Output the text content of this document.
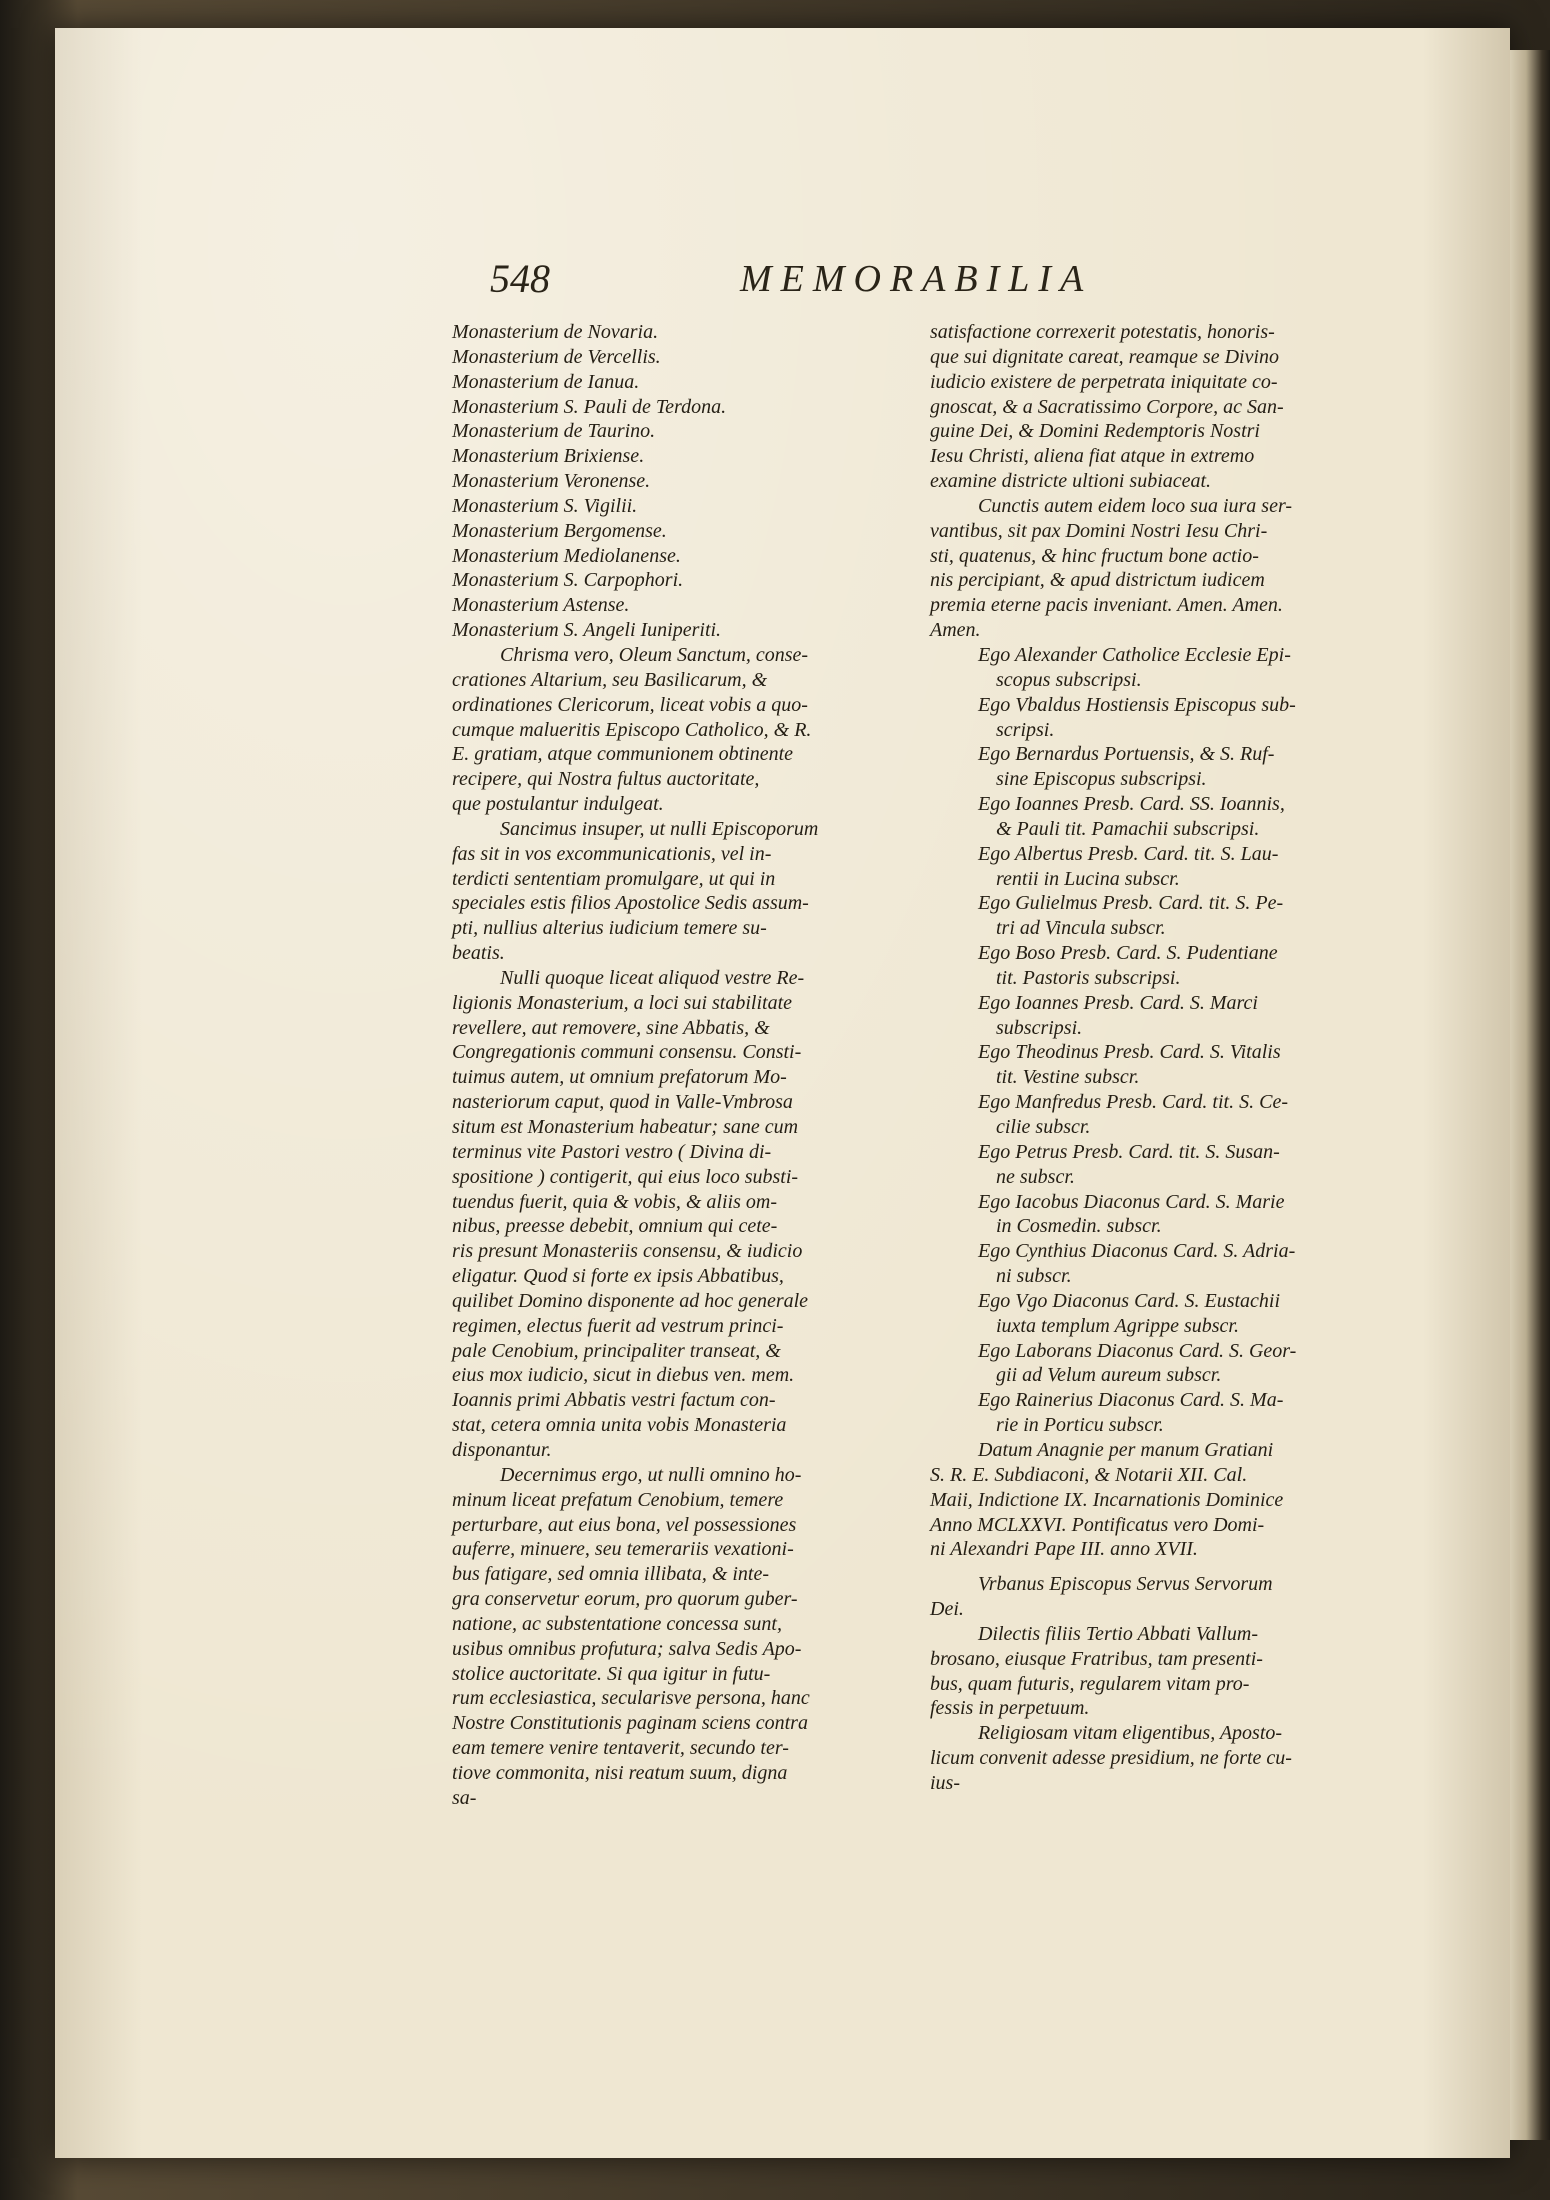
548	MEMORABILIA
Monasterium de Novaria.
Monasterium de Vercellis.
Monasterium de Ianua.
Monasterium S. Pauli de Terdona.
Monasterium de Taurino.
Monasterium Brixiense.
Monasterium Veronense.
Monasterium S. Vigilii.
Monasterium Bergomense.
Monasterium Mediolanense.
Monasterium S. Carpophori.
Monasterium Astense.
Monasterium S. Angeli Iuniperiti.
Chrisma vero, Oleum Sanctum, conse-
crationes Altarium, seu Basilicarum, &
ordinationes Clericorum, liceat vobis a quo-
cumque malueritis Episcopo Catholico, & R.
E. gratiam, atque communionem obtinente
recipere, qui Nostra fultus auctoritate,
que postulantur indulgeat.
Sancimus insuper, ut nulli Episcoporum
fas sit in vos excommunicationis, vel in-
terdicti sententiam promulgare, ut qui in
speciales estis filios Apostolice Sedis assum-
pti, nullius alterius iudicium temere su-
beatis.
Nulli quoque liceat aliquod vestre Re-
ligionis Monasterium, a loci sui stabilitate
revellere, aut removere, sine Abbatis, &
Congregationis communi consensu. Consti-
tuimus autem, ut omnium prefatorum Mo-
nasteriorum caput, quod in Valle-Vmbrosa
situm est Monasterium habeatur; sane cum
terminus vite Pastori vestro ( Divina di-
spositione ) contigerit, qui eius loco substi-
tuendus fuerit, quia & vobis, & aliis om-
nibus, preesse debebit, omnium qui cete-
ris presunt Monasteriis consensu, & iudicio
eligatur. Quod si forte ex ipsis Abbatibus,
quilibet Domino disponente ad hoc generale
regimen, electus fuerit ad vestrum princi-
pale Cenobium, principaliter transeat, &
eius mox iudicio, sicut in diebus ven. mem.
Ioannis primi Abbatis vestri factum con-
stat, cetera omnia unita vobis Monasteria
disponantur.
Decernimus ergo, ut nulli omnino ho-
minum liceat prefatum Cenobium, temere
perturbare, aut eius bona, vel possessiones
auferre, minuere, seu temerariis vexationi-
bus fatigare, sed omnia illibata, & inte-
gra conservetur eorum, pro quorum guber-
natione, ac substentatione concessa sunt,
usibus omnibus profutura; salva Sedis Apo-
stolice auctoritate. Si qua igitur in futu-
rum ecclesiastica, secularisve persona, hanc
Nostre Constitutionis paginam sciens contra
eam temere venire tentaverit, secundo ter-
tiove commonita, nisi reatum suum, digna
sa-
satisfactione correxerit potestatis, honoris-
que sui dignitate careat, reamque se Divino
iudicio existere de perpetrata iniquitate co-
gnoscat, & a Sacratissimo Corpore, ac San-
guine Dei, & Domini Redemptoris Nostri
Iesu Christi, aliena fiat atque in extremo
examine districte ultioni subiaceat.
Cunctis autem eidem loco sua iura ser-
vantibus, sit pax Domini Nostri Iesu Chri-
sti, quatenus, & hinc fructum bone actio-
nis percipiant, & apud districtum iudicem
premia eterne pacis inveniant. Amen. Amen.
Amen.
Ego Alexander Catholice Ecclesie Epi-
scopus subscripsi.
Ego Vbaldus Hostiensis Episcopus sub-
scripsi.
Ego Bernardus Portuensis, & S. Ruf-
sine Episcopus subscripsi.
Ego Ioannes Presb. Card. SS. Ioannis,
& Pauli tit. Pamachii subscripsi.
Ego Albertus Presb. Card. tit. S. Lau-
rentii in Lucina subscr.
Ego Gulielmus Presb. Card. tit. S. Pe-
tri ad Vincula subscr.
Ego Boso Presb. Card. S. Pudentiane
tit. Pastoris subscripsi.
Ego Ioannes Presb. Card. S. Marci
subscripsi.
Ego Theodinus Presb. Card. S. Vitalis
tit. Vestine subscr.
Ego Manfredus Presb. Card. tit. S. Ce-
cilie subscr.
Ego Petrus Presb. Card. tit. S. Susan-
ne subscr.
Ego Iacobus Diaconus Card. S. Marie
in Cosmedin. subscr.
Ego Cynthius Diaconus Card. S. Adria-
ni subscr.
Ego Vgo Diaconus Card. S. Eustachii
iuxta templum Agrippe subscr.
Ego Laborans Diaconus Card. S. Geor-
gii ad Velum aureum subscr.
Ego Rainerius Diaconus Card. S. Ma-
rie in Porticu subscr.
Datum Anagnie per manum Gratiani
S. R. E. Subdiaconi, & Notarii XII. Cal.
Maii, Indictione IX. Incarnationis Dominice
Anno MCLXXVI. Pontificatus vero Domi-
ni Alexandri Pape III. anno XVII.
Vrbanus Episcopus Servus Servorum
Dei.
Dilectis filiis Tertio Abbati Vallum-
brosano, eiusque Fratribus, tam presenti-
bus, quam futuris, regularem vitam pro-
fessis in perpetuum.
Religiosam vitam eligentibus, Aposto-
licum convenit adesse presidium, ne forte cu-
ius-
